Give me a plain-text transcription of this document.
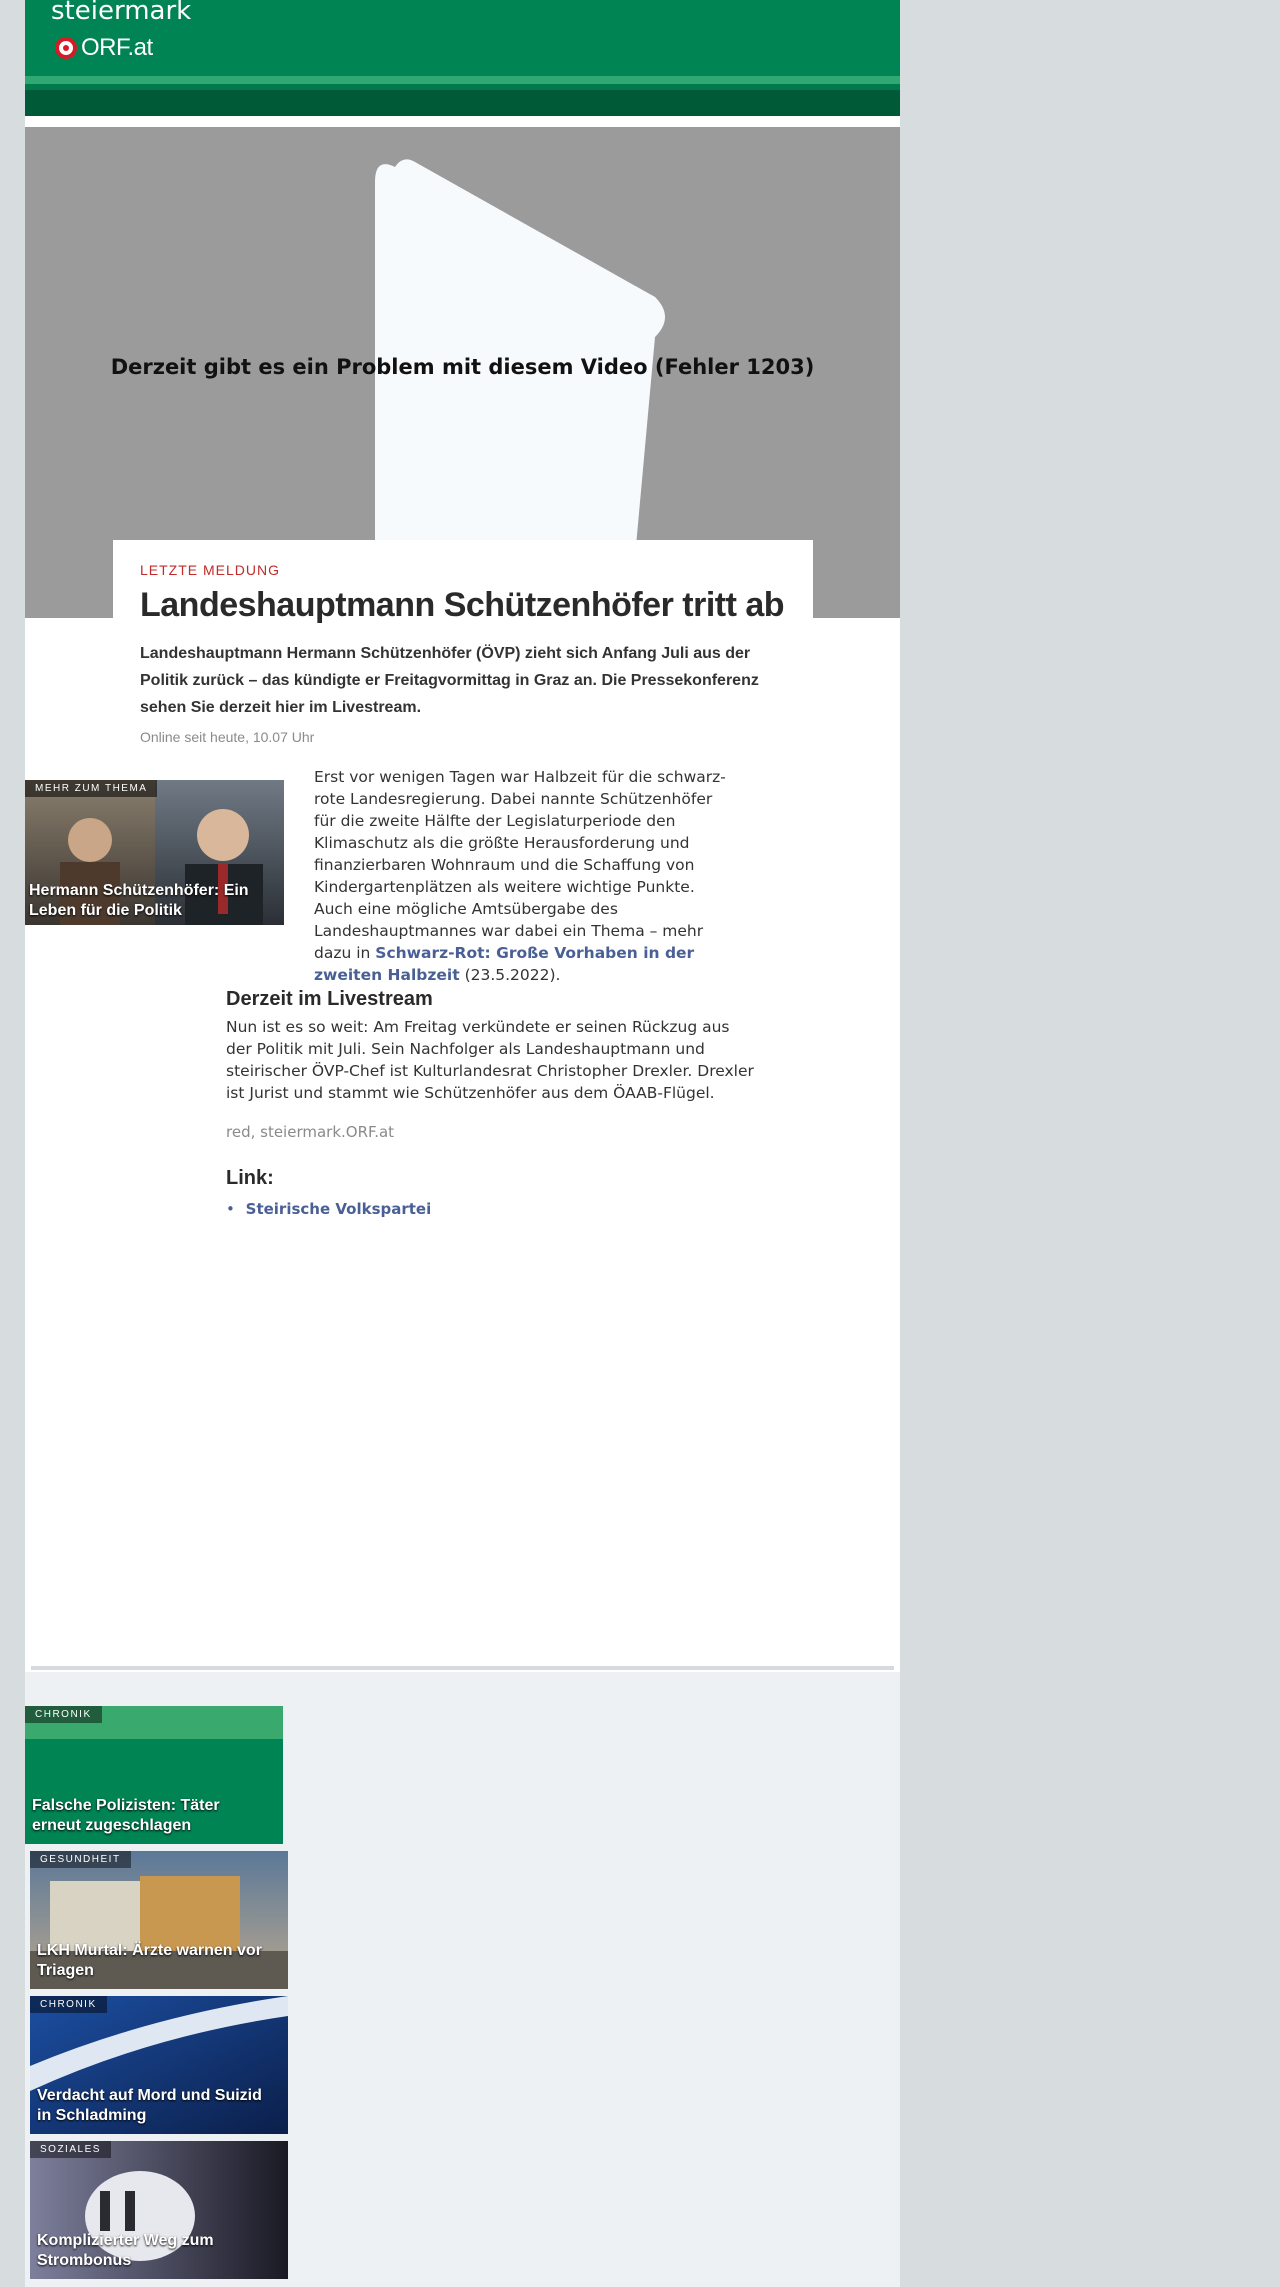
steiermark
ORF.at
Derzeit gibt es ein Problem mit diesem Video (Fehler 1203)
LETZTE MELDUNG
Landeshauptmann Schützenhöfer tritt ab

Landeshauptmann Hermann Schützenhöfer (ÖVP) zieht sich Anfang Juli aus der Politik zurück – das kündigte er Freitagvormittag in Graz an. Die Pressekonferenz sehen Sie derzeit hier im Livestream.

Online seit heute, 10.07 Uhr

Erst vor wenigen Tagen war Halbzeit für die schwarz-rote Landesregierung. Dabei nannte Schützenhöfer für die zweite Hälfte der Legislaturperiode den Klimaschutz als die größte Herausforderung und finanzierbaren Wohnraum und die Schaffung von Kindergartenplätzen als weitere wichtige Punkte. Auch eine mögliche Amtsübergabe des Landeshauptmannes war dabei ein Thema – mehr dazu in Schwarz-Rot: Große Vorhaben in der zweiten Halbzeit (23.5.2022).

Derzeit im Livestream

Nun ist es so weit: Am Freitag verkündete er seinen Rückzug aus der Politik mit Juli. Sein Nachfolger als Landeshauptmann und steirischer ÖVP-Chef ist Kulturlandesrat Christopher Drexler. Drexler ist Jurist und stammt wie Schützenhöfer aus dem ÖAAB-Flügel.

red, steiermark.ORF.at
Link:
• Steirische Volkspartei
MEHR ZUM THEMA
Hermann Schützenhöfer: Ein Leben für die Politik
CHRONIK
Falsche Polizisten: Täter erneut zugeschlagen
GESUNDHEIT
LKH Murtal: Ärzte warnen vor Triagen
CHRONIK
Verdacht auf Mord und Suizid in Schladming
SOZIALES
Komplizierter Weg zum Strombonus
